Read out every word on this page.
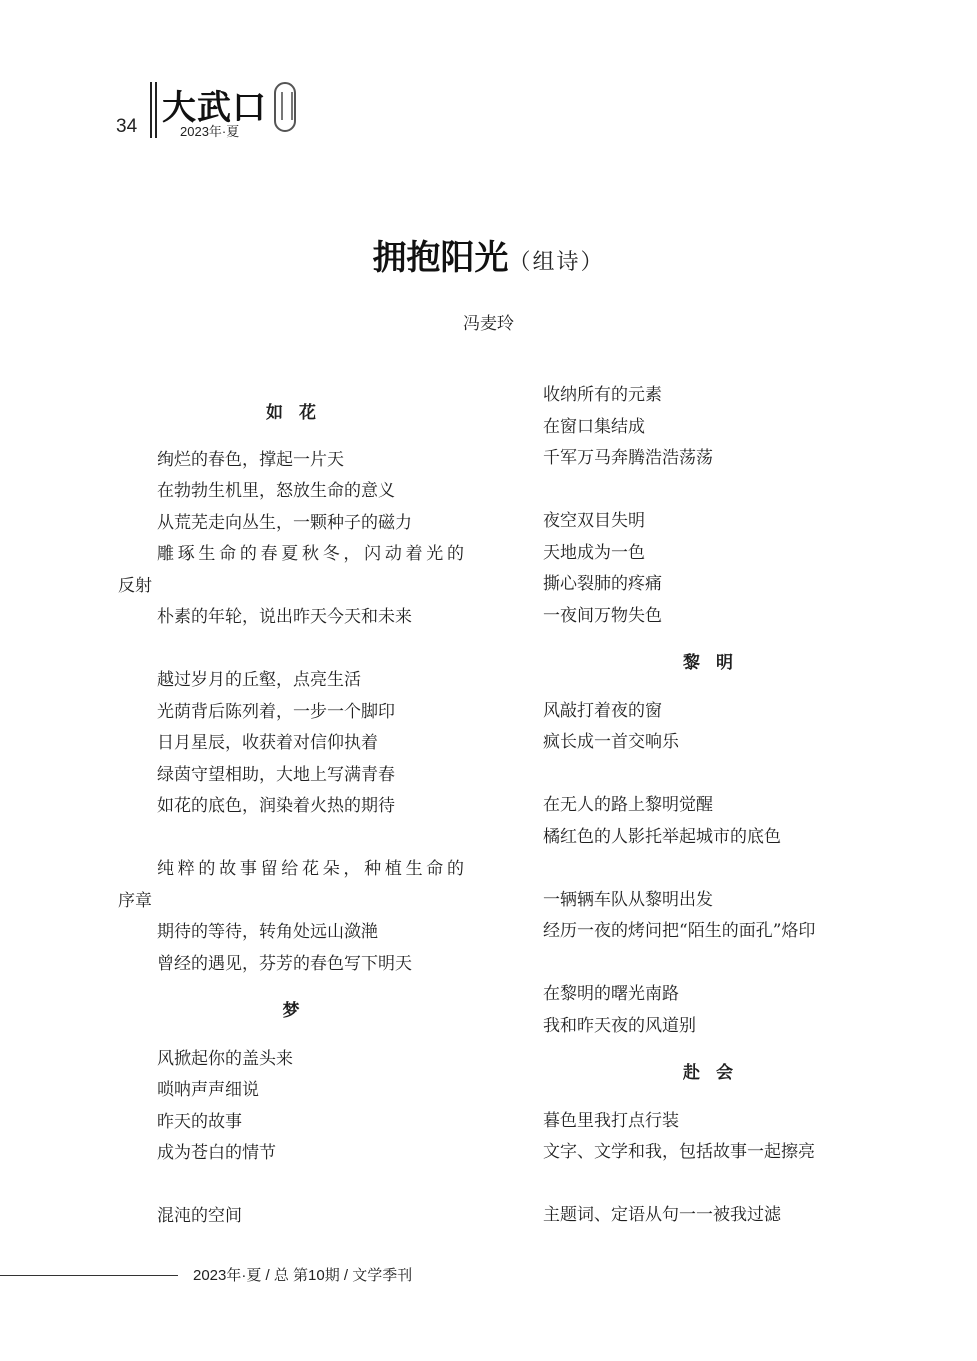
34 大武口
2023年·夏
拥抱阳光（组诗）
冯麦玲
如花
绚烂的春色，撑起一片天
在勃勃生机里，怒放生命的意义
从荒芜走向丛生，一颗种子的磁力
雕琢生命的春夏秋冬，闪动着光的
反射
朴素的年轮，说出昨天今天和未来
越过岁月的丘壑，点亮生活
光荫背后陈列着，一步一个脚印
日月星辰，收获着对信仰执着
绿茵守望相助，大地上写满青春
如花的底色，润染着火热的期待
纯粹的故事留给花朵，种植生命的
序章
期待的等待，转角处远山潋滟
曾经的遇见，芬芳的春色写下明天
梦
风掀起你的盖头来
唢呐声声细说
昨天的故事
成为苍白的情节
混沌的空间
收纳所有的元素
在窗口集结成
千军万马奔腾浩浩荡荡
夜空双目失明
天地成为一色
撕心裂肺的疼痛
一夜间万物失色
黎明
风敲打着夜的窗
疯长成一首交响乐
在无人的路上黎明觉醒
橘红色的人影托举起城市的底色
一辆辆车队从黎明出发
经历一夜的烤问把“陌生的面孔”烙印
在黎明的曙光南路
我和昨天夜的风道别
赴会
暮色里我打点行装
文字、文学和我，包括故事一起擦亮
主题词、定语从句一一被我过滤
2023年·夏 / 总 第10期 / 文学季刊
